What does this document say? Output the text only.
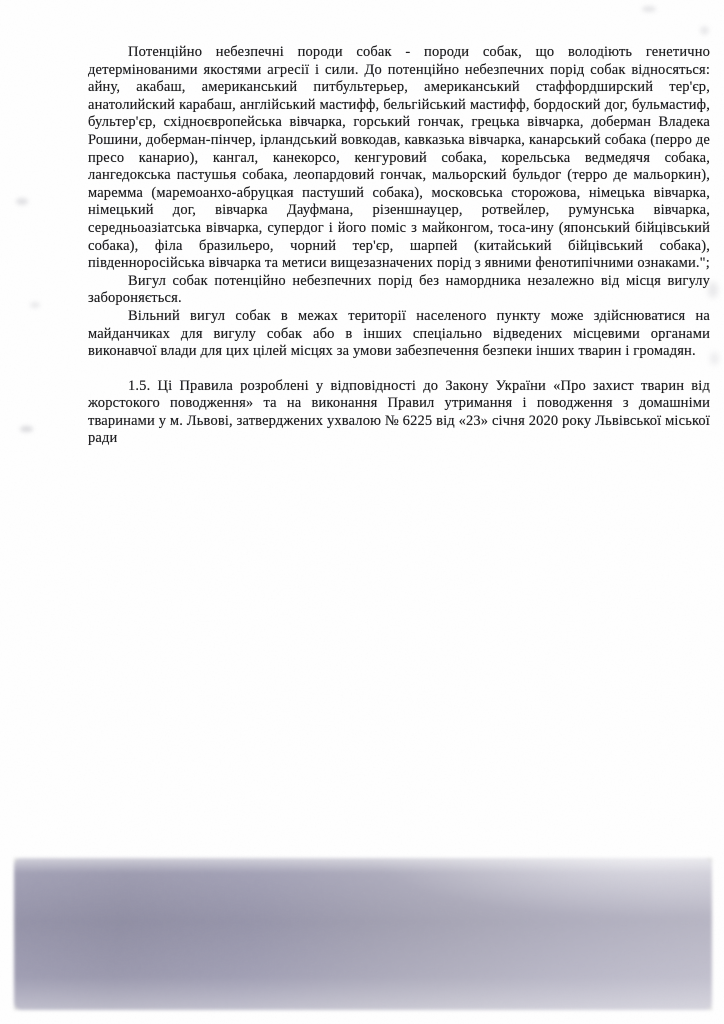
Потенційно небезпечні породи собак - породи собак, що володіють генетично детермінованими якостями агресії і сили. До потенційно небезпечних порід собак відносяться: айну, акабаш, американський питбультерьер, американський стаффордширский тер'єр, анатолийский карабаш, англійський мастифф, бельгійський мастифф, бордоский дог, бульмастиф, бультер'єр, східноєвропейська вівчарка, горський гончак, грецька вівчарка, доберман Владека Рошини, доберман-пінчер, ірландський вовкодав, кавказька вівчарка, канарський собака (перро де пресо канарио), кангал, канекорсо, кенгуровий собака, корельська ведмедячя собака, лангедокська пастушья собака, леопардовий гончак, мальорский бульдог (терро де мальоркин), маремма (маремоанхо-абруцкая пастуший собака), московська сторожова, німецька вівчарка, німецький дог, вівчарка Дауфмана, різеншнауцер, ротвейлер, румунська вівчарка, середньоазіатська вівчарка, супердог і його поміс з майконгом, тоса-ину (японський бійцівський собака), філа бразильеро, чорний тер'єр, шарпей (китайський бійцівський собака), південноросійська вівчарка та метиси вищезазначених порід з явними фенотипічними ознаками.";

Вигул собак потенційно небезпечних порід без намордника незалежно від місця вигулу забороняється.

Вільний вигул собак в межах території населеного пункту може здійснюватися на майданчиках для вигулу собак або в інших спеціально відведених місцевими органами виконавчої влади для цих цілей місцях за умови забезпечення безпеки інших тварин і громадян.

1.5. Ці Правила розроблені у відповідності до Закону України «Про захист тварин від жорстокого поводження» та на виконання Правил утримання і поводження з домашніми тваринами у м. Львові, затверджених ухвалою № 6225 від «23» січня 2020 року Львівської міської ради
